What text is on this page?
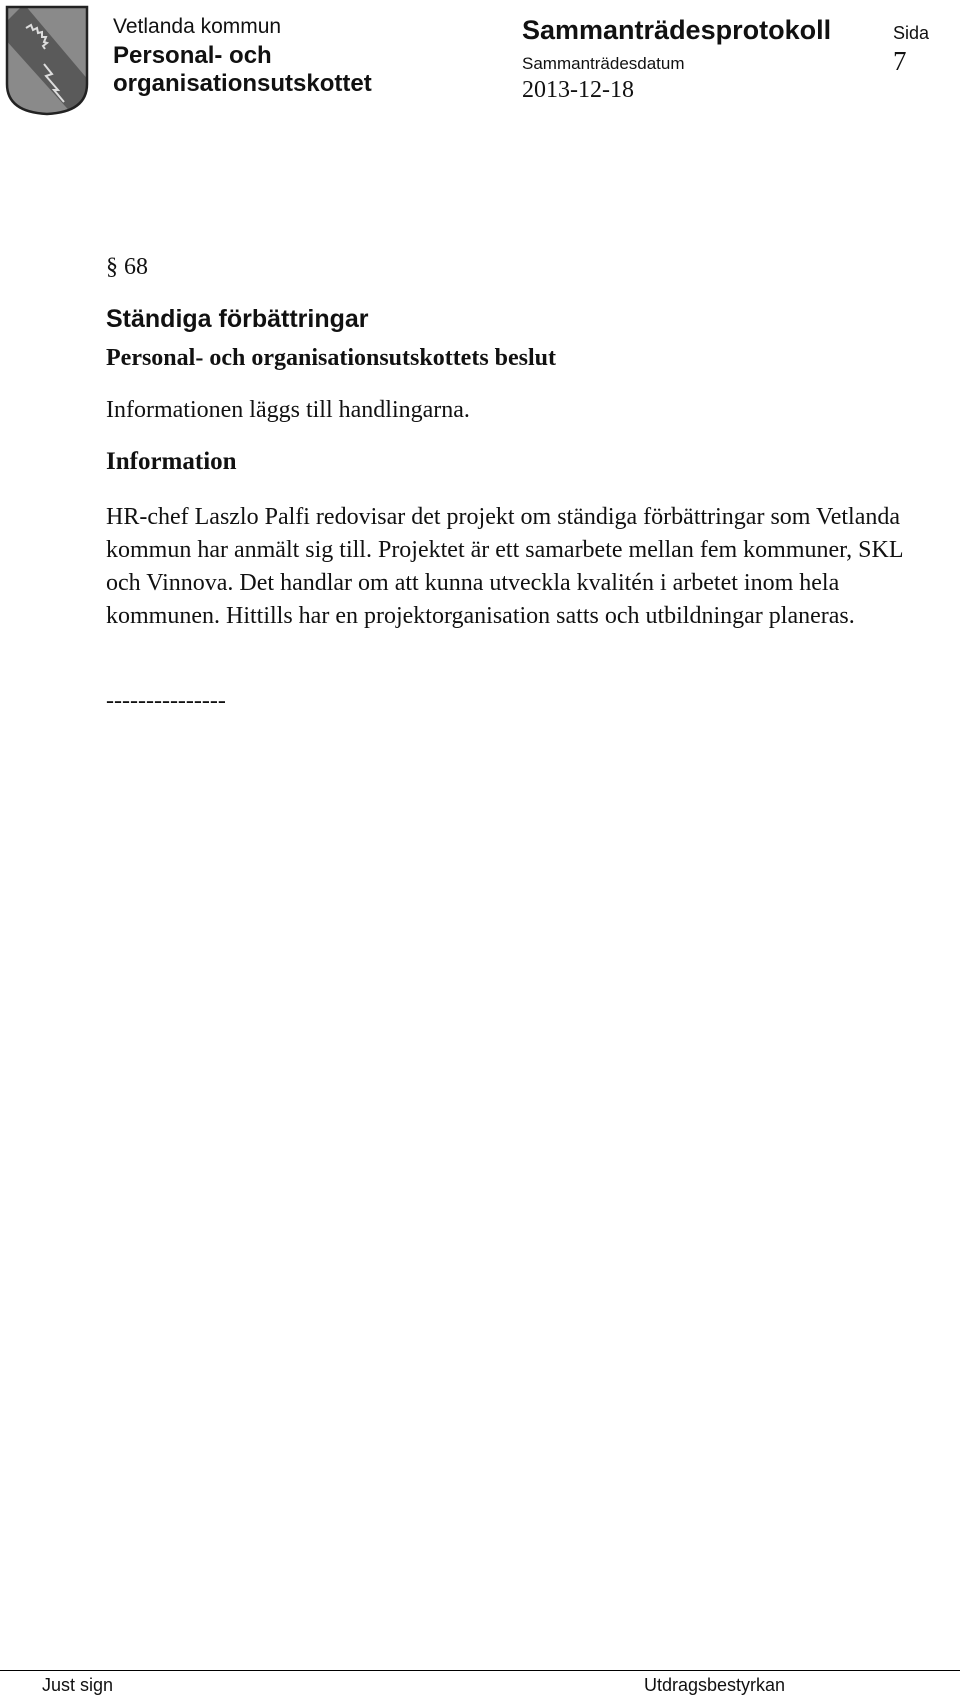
Vetlanda kommun
Personal- och organisationsutskottet
Sammanträdesprotokoll
Sammanträdesdatum
2013-12-18
Sida
7
§ 68
Ständiga förbättringar
Personal- och organisationsutskottets beslut
Informationen läggs till handlingarna.
Information
HR-chef Laszlo Palfi redovisar det projekt om ständiga förbättringar som Vetlanda kommun har anmält sig till. Projektet är ett samarbete mellan fem kommuner, SKL och Vinnova. Det handlar om att kunna utveckla kvalitén i arbetet inom hela kommunen. Hittills har en projektorganisation satts och utbildningar planeras.
---------------
Just sign	Utdragsbestyrkan
